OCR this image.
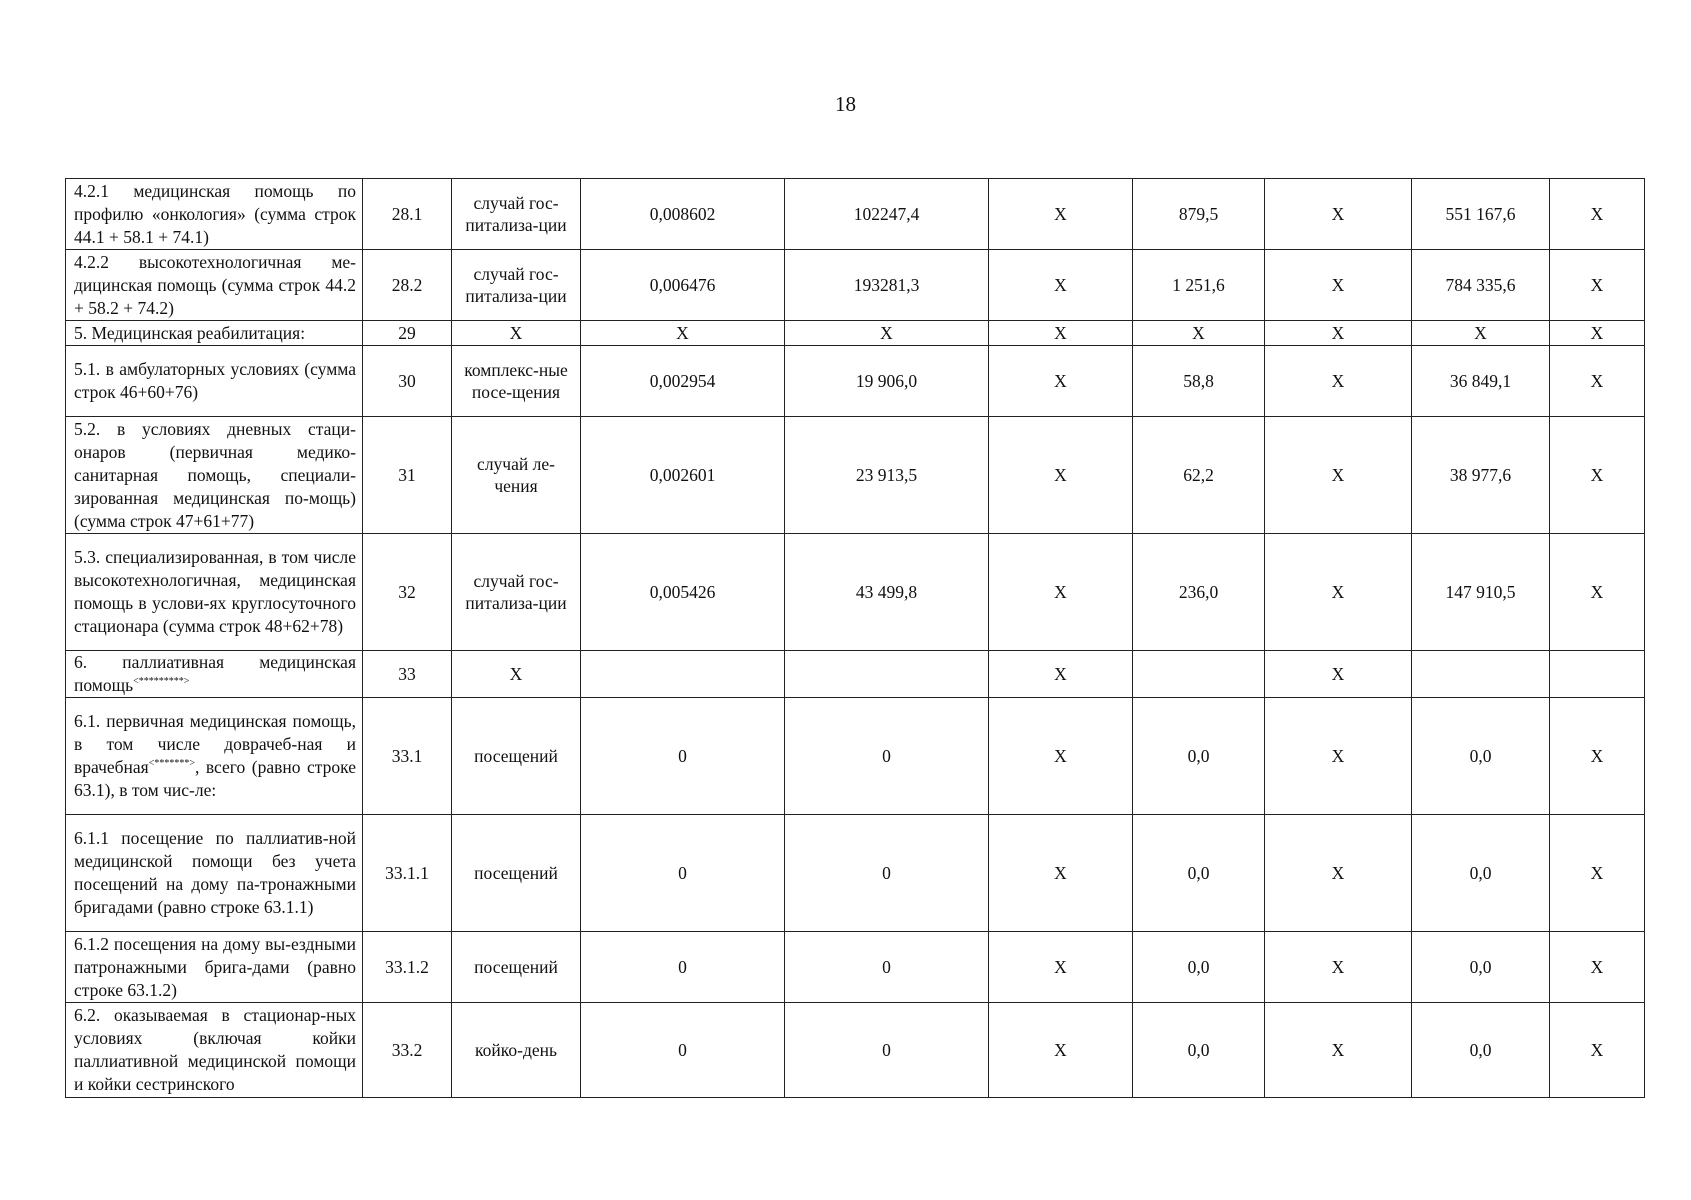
18
4.2.1 медицинская помощь по профилю «онкология» (сумма строк 44.1 + 58.1 + 74.1)	28.1	случай гос-питализа-ции	0,008602	102247,4	X	879,5	X	551 167,6	X
4.2.2 высокотехнологичная ме-дицинская помощь (сумма строк 44.2 + 58.2 + 74.2)	28.2	случай гос-питализа-ции	0,006476	193281,3	X	1 251,6	X	784 335,6	X
5. Медицинская реабилитация:	29	X	X	X	X	X	X	X	X
5.1. в амбулаторных условиях (сумма строк 46+60+76)	30	комплекс-ные посе-щения	0,002954	19 906,0	X	58,8	X	36 849,1	X
5.2. в условиях дневных стаци-онаров (первичная медико-санитарная помощь, специали-зированная медицинская по-мощь) (сумма строк 47+61+77)	31	случай ле-чения	0,002601	23 913,5	X	62,2	X	38 977,6	X
5.3. специализированная, в том числе высокотехнологичная, медицинская помощь в услови-ях круглосуточного стационара (сумма строк 48+62+78)	32	случай гос-питализа-ции	0,005426	43 499,8	X	236,0	X	147 910,5	X
6. паллиативная медицинская помощь<*********>	33	X			X		X		
6.1. первичная медицинская помощь, в том числе доврачеб-ная и врачебная<*******>, всего (равно строке 63.1), в том чис-ле:	33.1	посещений	0	0	X	0,0	X	0,0	X
6.1.1 посещение по паллиатив-ной медицинской помощи без учета посещений на дому па-тронажными бригадами (равно строке 63.1.1)	33.1.1	посещений	0	0	X	0,0	X	0,0	X
6.1.2 посещения на дому вы-ездными патронажными брига-дами (равно строке 63.1.2)	33.1.2	посещений	0	0	X	0,0	X	0,0	X
6.2. оказываемая в стационар-ных условиях (включая койки паллиативной медицинской помощи и койки сестринского	33.2	койко-день	0	0	X	0,0	X	0,0	X
